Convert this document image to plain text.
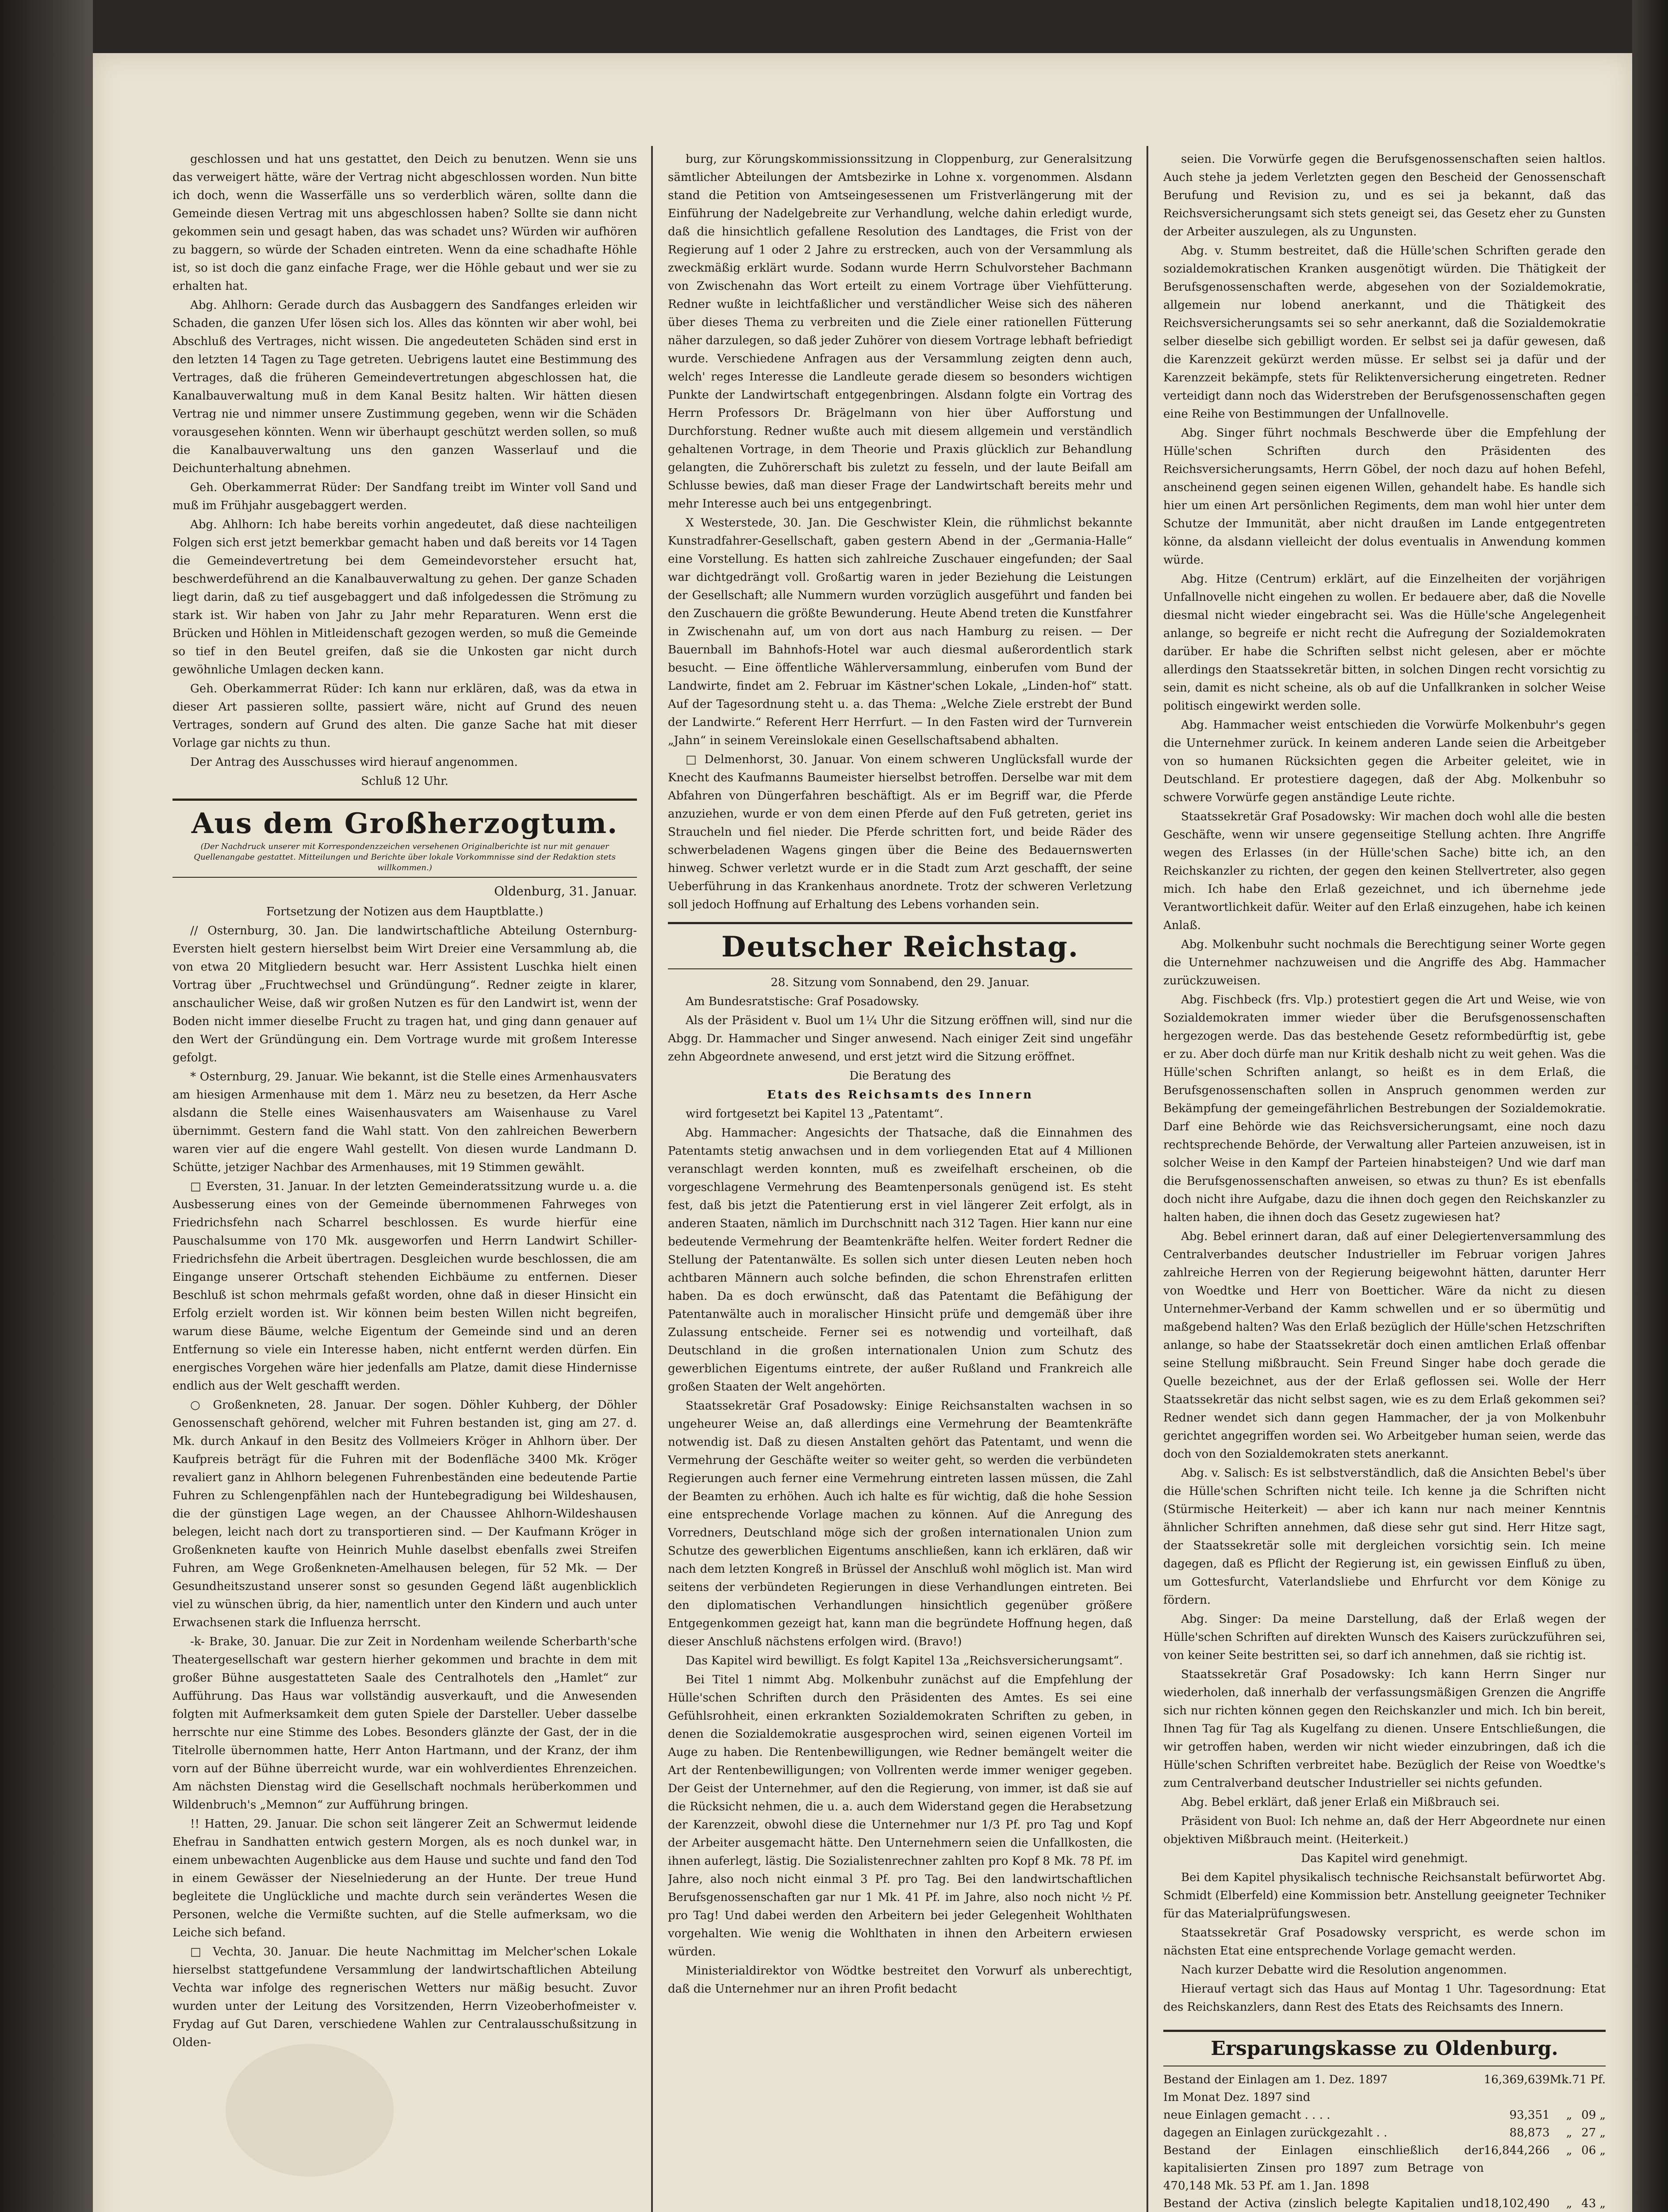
geschlossen und hat uns gestattet, den Deich zu benutzen. Wenn sie uns das verweigert hätte, wäre der Vertrag nicht abgeschlossen worden. Nun bitte ich doch, wenn die Wasserfälle uns so verderblich wären, sollte dann die Gemeinde diesen Vertrag mit uns abgeschlossen haben? Sollte sie dann nicht gekommen sein und gesagt haben, das was schadet uns? Würden wir aufhören zu baggern, so würde der Schaden eintreten. Wenn da eine schadhafte Höhle ist, so ist doch die ganz einfache Frage, wer die Höhle gebaut und wer sie zu erhalten hat.

Abg. Ahlhorn: Gerade durch das Ausbaggern des Sandfanges erleiden wir Schaden, die ganzen Ufer lösen sich los. Alles das könnten wir aber wohl, bei Abschluß des Vertrages, nicht wissen. Die angedeuteten Schäden sind erst in den letzten 14 Tagen zu Tage getreten. Uebrigens lautet eine Bestimmung des Vertrages, daß die früheren Gemeindevertretungen abgeschlossen hat, die Kanalbauverwaltung muß in dem Kanal Besitz halten. Wir hätten diesen Vertrag nie und nimmer unsere Zustimmung gegeben, wenn wir die Schäden vorausgesehen könnten. Wenn wir überhaupt geschützt werden sollen, so muß die Kanalbauverwaltung uns den ganzen Wasserlauf und die Deichunterhaltung abnehmen.

Geh. Oberkammerrat Rüder: Der Sandfang treibt im Winter voll Sand und muß im Frühjahr ausgebaggert werden.

Abg. Ahlhorn: Ich habe bereits vorhin angedeutet, daß diese nachteiligen Folgen sich erst jetzt bemerkbar gemacht haben und daß bereits vor 14 Tagen die Gemeindevertretung bei dem Gemeindevorsteher ersucht hat, beschwerdeführend an die Kanalbauverwaltung zu gehen. Der ganze Schaden liegt darin, daß zu tief ausgebaggert und daß infolgedessen die Strömung zu stark ist. Wir haben von Jahr zu Jahr mehr Reparaturen. Wenn erst die Brücken und Höhlen in Mitleidenschaft gezogen werden, so muß die Gemeinde so tief in den Beutel greifen, daß sie die Unkosten gar nicht durch gewöhnliche Umlagen decken kann.

Geh. Oberkammerrat Rüder: Ich kann nur erklären, daß, was da etwa in dieser Art passieren sollte, passiert wäre, nicht auf Grund des neuen Vertrages, sondern auf Grund des alten. Die ganze Sache hat mit dieser Vorlage gar nichts zu thun.

Der Antrag des Ausschusses wird hierauf angenommen.

Schluß 12 Uhr.

Aus dem Großherzogtum.
(Der Nachdruck unserer mit Korrespondenzzeichen versehenen Originalberichte ist nur mit genauer Quellenangabe gestattet. Mitteilungen und Berichte über lokale Vorkommnisse sind der Redaktion stets willkommen.)
Oldenburg, 31. Januar.

Fortsetzung der Notizen aus dem Hauptblatte.)

// Osternburg, 30. Jan. Die landwirtschaftliche Abteilung Osternburg-Eversten hielt gestern hierselbst beim Wirt Dreier eine Versammlung ab, die von etwa 20 Mitgliedern besucht war. Herr Assistent Luschka hielt einen Vortrag über „Fruchtwechsel und Gründüngung“. Redner zeigte in klarer, anschaulicher Weise, daß wir großen Nutzen es für den Landwirt ist, wenn der Boden nicht immer dieselbe Frucht zu tragen hat, und ging dann genauer auf den Wert der Gründüngung ein. Dem Vortrage wurde mit großem Interesse gefolgt.

* Osternburg, 29. Januar. Wie bekannt, ist die Stelle eines Armenhausvaters am hiesigen Armenhause mit dem 1. März neu zu besetzen, da Herr Asche alsdann die Stelle eines Waisenhausvaters am Waisenhause zu Varel übernimmt. Gestern fand die Wahl statt. Von den zahlreichen Bewerbern waren vier auf die engere Wahl gestellt. Von diesen wurde Landmann D. Schütte, jetziger Nachbar des Armenhauses, mit 19 Stimmen gewählt.

□ Eversten, 31. Januar. In der letzten Gemeinderatssitzung wurde u. a. die Ausbesserung eines von der Gemeinde übernommenen Fahrweges von Friedrichsfehn nach Scharrel beschlossen. Es wurde hierfür eine Pauschalsumme von 170 Mk. ausgeworfen und Herrn Landwirt Schiller-Friedrichsfehn die Arbeit übertragen. Desgleichen wurde beschlossen, die am Eingange unserer Ortschaft stehenden Eichbäume zu entfernen. Dieser Beschluß ist schon mehrmals gefaßt worden, ohne daß in dieser Hinsicht ein Erfolg erzielt worden ist. Wir können beim besten Willen nicht begreifen, warum diese Bäume, welche Eigentum der Gemeinde sind und an deren Entfernung so viele ein Interesse haben, nicht entfernt werden dürfen. Ein energisches Vorgehen wäre hier jedenfalls am Platze, damit diese Hindernisse endlich aus der Welt geschafft werden.

○ Großenkneten, 28. Januar. Der sogen. Döhler Kuhberg, der Döhler Genossenschaft gehörend, welcher mit Fuhren bestanden ist, ging am 27. d. Mk. durch Ankauf in den Besitz des Vollmeiers Kröger in Ahlhorn über. Der Kaufpreis beträgt für die Fuhren mit der Bodenfläche 3400 Mk. Kröger revaliert ganz in Ahlhorn belegenen Fuhrenbeständen eine bedeutende Partie Fuhren zu Schlengenpfählen nach der Huntebegradigung bei Wildeshausen, die der günstigen Lage wegen, an der Chaussee Ahlhorn-Wildeshausen belegen, leicht nach dort zu transportieren sind. — Der Kaufmann Kröger in Großenkneten kaufte von Heinrich Muhle daselbst ebenfalls zwei Streifen Fuhren, am Wege Großenkneten-Amelhausen belegen, für 52 Mk. — Der Gesundheitszustand unserer sonst so gesunden Gegend läßt augenblicklich viel zu wünschen übrig, da hier, namentlich unter den Kindern und auch unter Erwachsenen stark die Influenza herrscht.

-k- Brake, 30. Januar. Die zur Zeit in Nordenham weilende Scherbarth'sche Theatergesellschaft war gestern hierher gekommen und brachte in dem mit großer Bühne ausgestatteten Saale des Centralhotels den „Hamlet“ zur Aufführung. Das Haus war vollständig ausverkauft, und die Anwesenden folgten mit Aufmerksamkeit dem guten Spiele der Darsteller. Ueber dasselbe herrschte nur eine Stimme des Lobes. Besonders glänzte der Gast, der in die Titelrolle übernommen hatte, Herr Anton Hartmann, und der Kranz, der ihm vorn auf der Bühne überreicht wurde, war ein wohlverdientes Ehrenzeichen. Am nächsten Dienstag wird die Gesellschaft nochmals herüberkommen und Wildenbruch's „Memnon“ zur Aufführung bringen.

!! Hatten, 29. Januar. Die schon seit längerer Zeit an Schwermut leidende Ehefrau in Sandhatten entwich gestern Morgen, als es noch dunkel war, in einem unbewachten Augenblicke aus dem Hause und suchte und fand den Tod in einem Gewässer der Nieselniederung an der Hunte. Der treue Hund begleitete die Unglückliche und machte durch sein verändertes Wesen die Personen, welche die Vermißte suchten, auf die Stelle aufmerksam, wo die Leiche sich befand.

□ Vechta, 30. Januar. Die heute Nachmittag im Melcher'schen Lokale hierselbst stattgefundene Versammlung der landwirtschaftlichen Abteilung Vechta war infolge des regnerischen Wetters nur mäßig besucht. Zuvor wurden unter der Leitung des Vorsitzenden, Herrn Vizeoberhofmeister v. Frydag auf Gut Daren, verschiedene Wahlen zur Centralausschußsitzung in Olden-

burg, zur Körungskommissionssitzung in Cloppenburg, zur Generalsitzung sämtlicher Abteilungen der Amtsbezirke in Lohne x. vorgenommen. Alsdann stand die Petition von Amtseingesessenen um Fristverlängerung mit der Einführung der Nadelgebreite zur Verhandlung, welche dahin erledigt wurde, daß die hinsichtlich gefallene Resolution des Landtages, die Frist von der Regierung auf 1 oder 2 Jahre zu erstrecken, auch von der Versammlung als zweckmäßig erklärt wurde. Sodann wurde Herrn Schulvorsteher Bachmann von Zwischenahn das Wort erteilt zu einem Vortrage über Viehfütterung. Redner wußte in leichtfaßlicher und verständlicher Weise sich des näheren über dieses Thema zu verbreiten und die Ziele einer rationellen Fütterung näher darzulegen, so daß jeder Zuhörer von diesem Vortrage lebhaft befriedigt wurde. Verschiedene Anfragen aus der Versammlung zeigten denn auch, welch' reges Interesse die Landleute gerade diesem so besonders wichtigen Punkte der Landwirtschaft entgegenbringen. Alsdann folgte ein Vortrag des Herrn Professors Dr. Brägelmann von hier über Aufforstung und Durchforstung. Redner wußte auch mit diesem allgemein und verständlich gehaltenen Vortrage, in dem Theorie und Praxis glücklich zur Behandlung gelangten, die Zuhörerschaft bis zuletzt zu fesseln, und der laute Beifall am Schlusse bewies, daß man dieser Frage der Landwirtschaft bereits mehr und mehr Interesse auch bei uns entgegenbringt.

X Westerstede, 30. Jan. Die Geschwister Klein, die rühmlichst bekannte Kunstradfahrer-Gesellschaft, gaben gestern Abend in der „Germania-Halle“ eine Vorstellung. Es hatten sich zahlreiche Zuschauer eingefunden; der Saal war dichtgedrängt voll. Großartig waren in jeder Beziehung die Leistungen der Gesellschaft; alle Nummern wurden vorzüglich ausgeführt und fanden bei den Zuschauern die größte Bewunderung. Heute Abend treten die Kunstfahrer in Zwischenahn auf, um von dort aus nach Hamburg zu reisen. — Der Bauernball im Bahnhofs-Hotel war auch diesmal außerordentlich stark besucht. — Eine öffentliche Wählerversammlung, einberufen vom Bund der Landwirte, findet am 2. Februar im Kästner'schen Lokale, „Linden-hof“ statt. Auf der Tagesordnung steht u. a. das Thema: „Welche Ziele erstrebt der Bund der Landwirte.“ Referent Herr Herrfurt. — In den Fasten wird der Turnverein „Jahn“ in seinem Vereinslokale einen Gesellschaftsabend abhalten.

□ Delmenhorst, 30. Januar. Von einem schweren Unglücksfall wurde der Knecht des Kaufmanns Baumeister hierselbst betroffen. Derselbe war mit dem Abfahren von Düngerfahren beschäftigt. Als er im Begriff war, die Pferde anzuziehen, wurde er von dem einen Pferde auf den Fuß getreten, geriet ins Straucheln und fiel nieder. Die Pferde schritten fort, und beide Räder des schwerbeladenen Wagens gingen über die Beine des Bedauernswerten hinweg. Schwer verletzt wurde er in die Stadt zum Arzt geschafft, der seine Ueberführung in das Krankenhaus anordnete. Trotz der schweren Verletzung soll jedoch Hoffnung auf Erhaltung des Lebens vorhanden sein.

Deutscher Reichstag.

28. Sitzung vom Sonnabend, den 29. Januar.

Am Bundesratstische: Graf Posadowsky.

Als der Präsident v. Buol um 1¼ Uhr die Sitzung eröffnen will, sind nur die Abgg. Dr. Hammacher und Singer anwesend. Nach einiger Zeit sind ungefähr zehn Abgeordnete anwesend, und erst jetzt wird die Sitzung eröffnet.

Die Beratung des

Etats des Reichsamts des Innern

wird fortgesetzt bei Kapitel 13 „Patentamt“.

Abg. Hammacher: Angesichts der Thatsache, daß die Einnahmen des Patentamts stetig anwachsen und in dem vorliegenden Etat auf 4 Millionen veranschlagt werden konnten, muß es zweifelhaft erscheinen, ob die vorgeschlagene Vermehrung des Beamtenpersonals genügend ist. Es steht fest, daß bis jetzt die Patentierung erst in viel längerer Zeit erfolgt, als in anderen Staaten, nämlich im Durchschnitt nach 312 Tagen. Hier kann nur eine bedeutende Vermehrung der Beamtenkräfte helfen. Weiter fordert Redner die Stellung der Patentanwälte. Es sollen sich unter diesen Leuten neben hoch achtbaren Männern auch solche befinden, die schon Ehrenstrafen erlitten haben. Da es doch erwünscht, daß das Patentamt die Befähigung der Patentanwälte auch in moralischer Hinsicht prüfe und demgemäß über ihre Zulassung entscheide. Ferner sei es notwendig und vorteilhaft, daß Deutschland in die großen internationalen Union zum Schutz des gewerblichen Eigentums eintrete, der außer Rußland und Frankreich alle großen Staaten der Welt angehörten.

Staatssekretär Graf Posadowsky: Einige Reichsanstalten wachsen in so ungeheurer Weise an, daß allerdings eine Vermehrung der Beamtenkräfte notwendig ist. Daß zu diesen Anstalten gehört das Patentamt, und wenn die Vermehrung der Geschäfte weiter so weiter geht, so werden die verbündeten Regierungen auch ferner eine Vermehrung eintreten lassen müssen, die Zahl der Beamten zu erhöhen. Auch ich halte es für wichtig, daß die hohe Session eine entsprechende Vorlage machen zu können. Auf die Anregung des Vorredners, Deutschland möge sich der großen internationalen Union zum Schutze des gewerblichen Eigentums anschließen, kann ich erklären, daß wir nach dem letzten Kongreß in Brüssel der Anschluß wohl möglich ist. Man wird seitens der verbündeten Regierungen in diese Verhandlungen eintreten. Bei den diplomatischen Verhandlungen hinsichtlich gegenüber größere Entgegenkommen gezeigt hat, kann man die begründete Hoffnung hegen, daß dieser Anschluß nächstens erfolgen wird. (Bravo!)

Das Kapitel wird bewilligt. Es folgt Kapitel 13a „Reichsversicherungsamt“.

Bei Titel 1 nimmt Abg. Molkenbuhr zunächst auf die Empfehlung der Hülle'schen Schriften durch den Präsidenten des Amtes. Es sei eine Gefühlsrohheit, einen erkrankten Sozialdemokraten Schriften zu geben, in denen die Sozialdemokratie ausgesprochen wird, seinen eigenen Vorteil im Auge zu haben. Die Rentenbewilligungen, wie Redner bemängelt weiter die Art der Rentenbewilligungen; von Vollrenten werde immer weniger gegeben. Der Geist der Unternehmer, auf den die Regierung, von immer, ist daß sie auf die Rücksicht nehmen, die u. a. auch dem Widerstand gegen die Herabsetzung der Karenzzeit, obwohl diese die Unternehmer nur 1/3 Pf. pro Tag und Kopf der Arbeiter ausgemacht hätte. Den Unternehmern seien die Unfallkosten, die ihnen auferlegt, lästig. Die Sozialistenrechner zahlten pro Kopf 8 Mk. 78 Pf. im Jahre, also noch nicht einmal 3 Pf. pro Tag. Bei den landwirtschaftlichen Berufsgenossenschaften gar nur 1 Mk. 41 Pf. im Jahre, also noch nicht ½ Pf. pro Tag! Und dabei werden den Arbeitern bei jeder Gelegenheit Wohlthaten vorgehalten. Wie wenig die Wohlthaten in ihnen den Arbeitern erwiesen würden.

Ministerialdirektor von Wödtke bestreitet den Vorwurf als unberechtigt, daß die Unternehmer nur an ihren Profit bedacht

seien. Die Vorwürfe gegen die Berufsgenossenschaften seien haltlos. Auch stehe ja jedem Verletzten gegen den Bescheid der Genossenschaft Berufung und Revision zu, und es sei ja bekannt, daß das Reichsversicherungsamt sich stets geneigt sei, das Gesetz eher zu Gunsten der Arbeiter auszulegen, als zu Ungunsten.

Abg. v. Stumm bestreitet, daß die Hülle'schen Schriften gerade den sozialdemokratischen Kranken ausgenötigt würden. Die Thätigkeit der Berufsgenossenschaften werde, abgesehen von der Sozialdemokratie, allgemein nur lobend anerkannt, und die Thätigkeit des Reichsversicherungsamts sei so sehr anerkannt, daß die Sozialdemokratie selber dieselbe sich gebilligt worden. Er selbst sei ja dafür gewesen, daß die Karenzzeit gekürzt werden müsse. Er selbst sei ja dafür und der Karenzzeit bekämpfe, stets für Reliktenversicherung eingetreten. Redner verteidigt dann noch das Widerstreben der Berufsgenossenschaften gegen eine Reihe von Bestimmungen der Unfallnovelle.

Abg. Singer führt nochmals Beschwerde über die Empfehlung der Hülle'schen Schriften durch den Präsidenten des Reichsversicherungsamts, Herrn Göbel, der noch dazu auf hohen Befehl, anscheinend gegen seinen eigenen Willen, gehandelt habe. Es handle sich hier um einen Art persönlichen Regiments, dem man wohl hier unter dem Schutze der Immunität, aber nicht draußen im Lande entgegentreten könne, da alsdann vielleicht der dolus eventualis in Anwendung kommen würde.

Abg. Hitze (Centrum) erklärt, auf die Einzelheiten der vorjährigen Unfallnovelle nicht eingehen zu wollen. Er bedauere aber, daß die Novelle diesmal nicht wieder eingebracht sei. Was die Hülle'sche Angelegenheit anlange, so begreife er nicht recht die Aufregung der Sozialdemokraten darüber. Er habe die Schriften selbst nicht gelesen, aber er möchte allerdings den Staatssekretär bitten, in solchen Dingen recht vorsichtig zu sein, damit es nicht scheine, als ob auf die Unfallkranken in solcher Weise politisch eingewirkt werden solle.

Abg. Hammacher weist entschieden die Vorwürfe Molkenbuhr's gegen die Unternehmer zurück. In keinem anderen Lande seien die Arbeitgeber von so humanen Rücksichten gegen die Arbeiter geleitet, wie in Deutschland. Er protestiere dagegen, daß der Abg. Molkenbuhr so schwere Vorwürfe gegen anständige Leute richte.

Staatssekretär Graf Posadowsky: Wir machen doch wohl alle die besten Geschäfte, wenn wir unsere gegenseitige Stellung achten. Ihre Angriffe wegen des Erlasses (in der Hülle'schen Sache) bitte ich, an den Reichskanzler zu richten, der gegen den keinen Stellvertreter, also gegen mich. Ich habe den Erlaß gezeichnet, und ich übernehme jede Verantwortlichkeit dafür. Weiter auf den Erlaß einzugehen, habe ich keinen Anlaß.

Abg. Molkenbuhr sucht nochmals die Berechtigung seiner Worte gegen die Unternehmer nachzuweisen und die Angriffe des Abg. Hammacher zurückzuweisen.

Abg. Fischbeck (frs. Vlp.) protestiert gegen die Art und Weise, wie von Sozialdemokraten immer wieder über die Berufsgenossenschaften hergezogen werde. Das das bestehende Gesetz reformbedürftig ist, gebe er zu. Aber doch dürfe man nur Kritik deshalb nicht zu weit gehen. Was die Hülle'schen Schriften anlangt, so heißt es in dem Erlaß, die Berufsgenossenschaften sollen in Anspruch genommen werden zur Bekämpfung der gemeingefährlichen Bestrebungen der Sozialdemokratie. Darf eine Behörde wie das Reichsversicherungsamt, eine noch dazu rechtsprechende Behörde, der Verwaltung aller Parteien anzuweisen, ist in solcher Weise in den Kampf der Parteien hinabsteigen? Und wie darf man die Berufsgenossenschaften anweisen, so etwas zu thun? Es ist ebenfalls doch nicht ihre Aufgabe, dazu die ihnen doch gegen den Reichskanzler zu halten haben, die ihnen doch das Gesetz zugewiesen hat?

Abg. Bebel erinnert daran, daß auf einer Delegiertenversammlung des Centralverbandes deutscher Industrieller im Februar vorigen Jahres zahlreiche Herren von der Regierung beigewohnt hätten, darunter Herr von Woedtke und Herr von Boetticher. Wäre da nicht zu diesen Unternehmer-Verband der Kamm schwellen und er so übermütig und maßgebend halten? Was den Erlaß bezüglich der Hülle'schen Hetzschriften anlange, so habe der Staatssekretär doch einen amtlichen Erlaß offenbar seine Stellung mißbraucht. Sein Freund Singer habe doch gerade die Quelle bezeichnet, aus der der Erlaß geflossen sei. Wolle der Herr Staatssekretär das nicht selbst sagen, wie es zu dem Erlaß gekommen sei? Redner wendet sich dann gegen Hammacher, der ja von Molkenbuhr gerichtet angegriffen worden sei. Wo Arbeitgeber human seien, werde das doch von den Sozialdemokraten stets anerkannt.

Abg. v. Salisch: Es ist selbstverständlich, daß die Ansichten Bebel's über die Hülle'schen Schriften nicht teile. Ich kenne ja die Schriften nicht (Stürmische Heiterkeit) — aber ich kann nur nach meiner Kenntnis ähnlicher Schriften annehmen, daß diese sehr gut sind. Herr Hitze sagt, der Staatssekretär solle mit dergleichen vorsichtig sein. Ich meine dagegen, daß es Pflicht der Regierung ist, ein gewissen Einfluß zu üben, um Gottesfurcht, Vaterlandsliebe und Ehrfurcht vor dem Könige zu fördern.

Abg. Singer: Da meine Darstellung, daß der Erlaß wegen der Hülle'schen Schriften auf direkten Wunsch des Kaisers zurückzuführen sei, von keiner Seite bestritten sei, so darf ich annehmen, daß sie richtig ist.

Staatssekretär Graf Posadowsky: Ich kann Herrn Singer nur wiederholen, daß innerhalb der verfassungsmäßigen Grenzen die Angriffe sich nur richten können gegen den Reichskanzler und mich. Ich bin bereit, Ihnen Tag für Tag als Kugelfang zu dienen. Unsere Entschließungen, die wir getroffen haben, werden wir nicht wieder einzubringen, daß ich die Hülle'schen Schriften verbreitet habe. Bezüglich der Reise von Woedtke's zum Centralverband deutscher Industrieller sei nichts gefunden.

Abg. Bebel erklärt, daß jener Erlaß ein Mißbrauch sei.

Präsident von Buol: Ich nehme an, daß der Herr Abgeordnete nur einen objektiven Mißbrauch meint. (Heiterkeit.)

Das Kapitel wird genehmigt.

Bei dem Kapitel physikalisch technische Reichsanstalt befürwortet Abg. Schmidt (Elberfeld) eine Kommission betr. Anstellung geeigneter Techniker für das Materialprüfungswesen.

Staatssekretär Graf Posadowsky verspricht, es werde schon im nächsten Etat eine entsprechende Vorlage gemacht werden.

Nach kurzer Debatte wird die Resolution angenommen.

Hierauf vertagt sich das Haus auf Montag 1 Uhr. Tagesordnung: Etat des Reichskanzlers, dann Rest des Etats des Reichsamts des Innern.

Ersparungskasse zu Oldenburg.
Bestand der Einlagen am 1. Dez. 1897	16,369,639	Mk.	71 Pf.
Im Monat Dez. 1897 sind			
neue Einlagen gemacht . . . .	93,351	„	09 „
dagegen an Einlagen zurückgezahlt . .	88,873	„	27 „
Bestand der Einlagen einschließlich der kapitalisierten Zinsen pro 1897 zum Betrage von 470,148 Mk. 53 Pf. am 1. Jan. 1898	16,844,266	„	06 „
Bestand der Activa (zinslich belegte Kapitalien und	18,102,490	„	43 „
